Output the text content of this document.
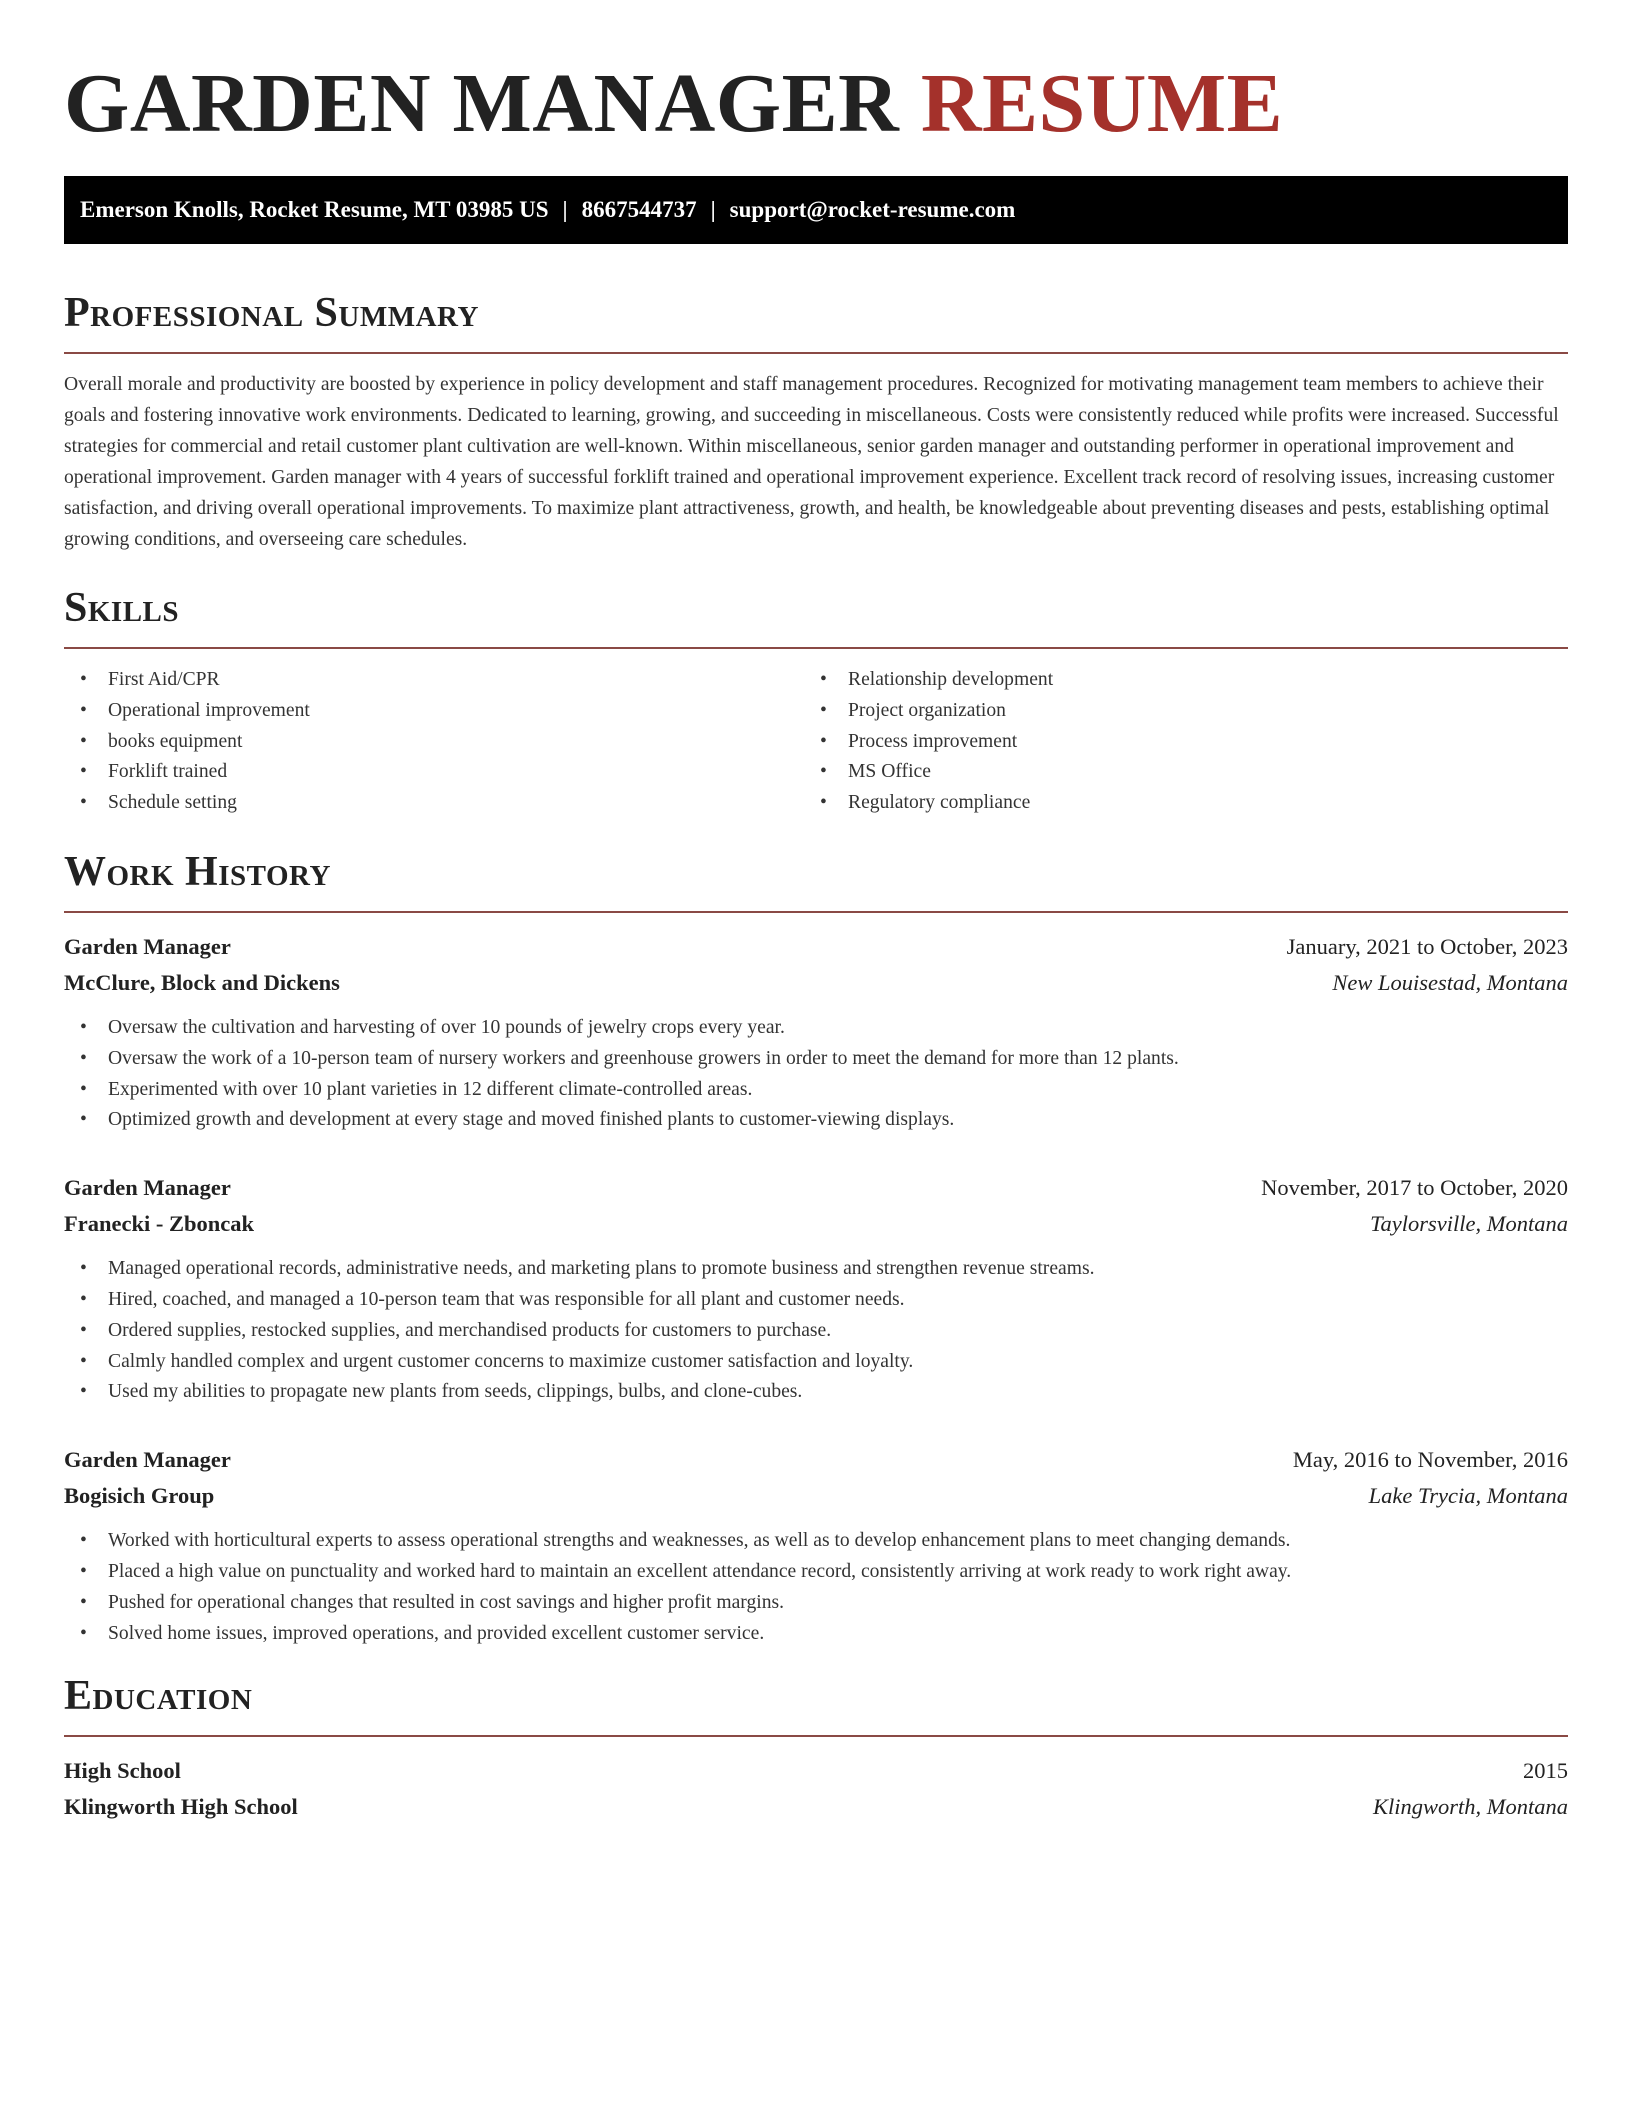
GARDEN MANAGER RESUME
Emerson Knolls, Rocket Resume, MT 03985 US | 8667544737 | support@rocket-resume.com
Professional Summary
Overall morale and productivity are boosted by experience in policy development and staff management procedures. Recognized for motivating management team members to achieve their goals and fostering innovative work environments. Dedicated to learning, growing, and succeeding in miscellaneous. Costs were consistently reduced while profits were increased. Successful strategies for commercial and retail customer plant cultivation are well-known. Within miscellaneous, senior garden manager and outstanding performer in operational improvement and operational improvement. Garden manager with 4 years of successful forklift trained and operational improvement experience. Excellent track record of resolving issues, increasing customer satisfaction, and driving overall operational improvements. To maximize plant attractiveness, growth, and health, be knowledgeable about preventing diseases and pests, establishing optimal growing conditions, and overseeing care schedules.
Skills
• First Aid/CPR
• Operational improvement
• books equipment
• Forklift trained
• Schedule setting
• Relationship development
• Project organization
• Process improvement
• MS Office
• Regulatory compliance
Work History
Garden Manager	January, 2021 to October, 2023
McClure, Block and Dickens	New Louisestad, Montana
• Oversaw the cultivation and harvesting of over 10 pounds of jewelry crops every year.
• Oversaw the work of a 10-person team of nursery workers and greenhouse growers in order to meet the demand for more than 12 plants.
• Experimented with over 10 plant varieties in 12 different climate-controlled areas.
• Optimized growth and development at every stage and moved finished plants to customer-viewing displays.
Garden Manager	November, 2017 to October, 2020
Franecki - Zboncak	Taylorsville, Montana
• Managed operational records, administrative needs, and marketing plans to promote business and strengthen revenue streams.
• Hired, coached, and managed a 10-person team that was responsible for all plant and customer needs.
• Ordered supplies, restocked supplies, and merchandised products for customers to purchase.
• Calmly handled complex and urgent customer concerns to maximize customer satisfaction and loyalty.
• Used my abilities to propagate new plants from seeds, clippings, bulbs, and clone-cubes.
Garden Manager	May, 2016 to November, 2016
Bogisich Group	Lake Trycia, Montana
• Worked with horticultural experts to assess operational strengths and weaknesses, as well as to develop enhancement plans to meet changing demands.
• Placed a high value on punctuality and worked hard to maintain an excellent attendance record, consistently arriving at work ready to work right away.
• Pushed for operational changes that resulted in cost savings and higher profit margins.
• Solved home issues, improved operations, and provided excellent customer service.
Education
High School	2015
Klingworth High School	Klingworth, Montana
